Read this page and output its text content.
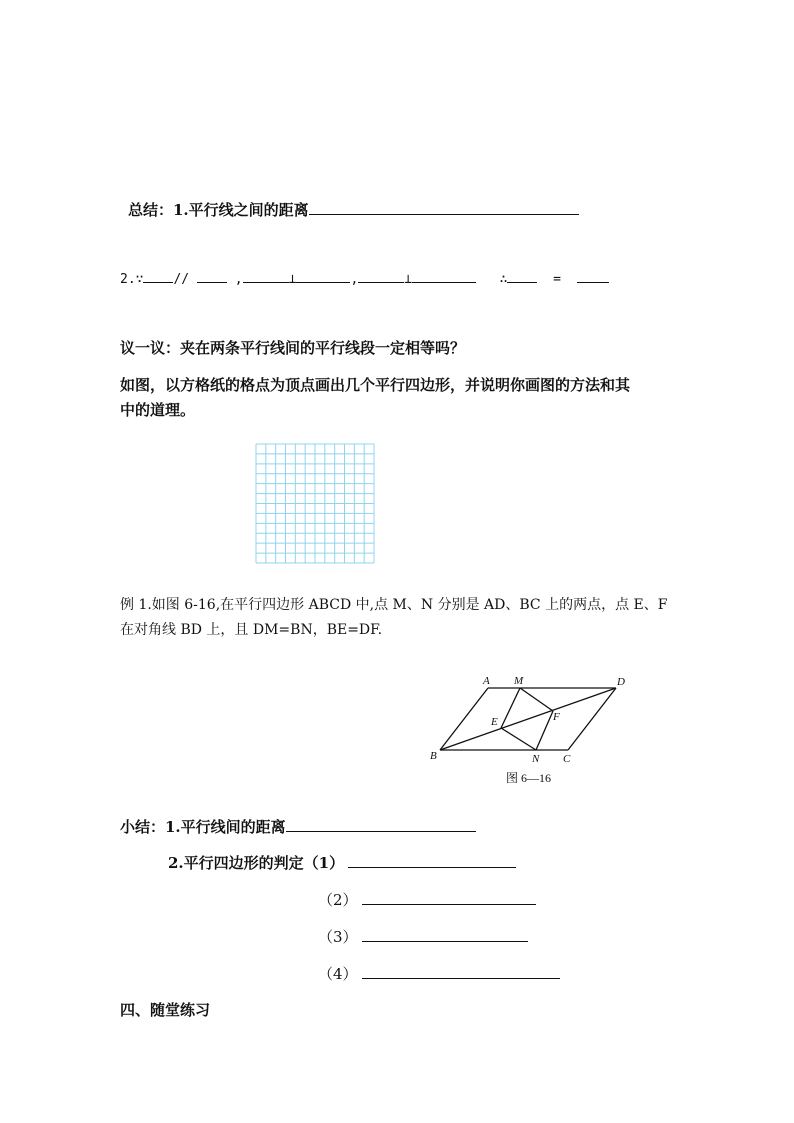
总结：1.平行线之间的距离
2.∵ //	,	⊥	,	⊥	∴	=
议一议：夹在两条平行线间的平行线段一定相等吗？
如图，以方格纸的格点为顶点画出几个平行四边形，并说明你画图的方法和其
中的道理。
例 1.如图 6-16,在平行四边形 ABCD 中,点 M、N 分别是 AD、BC 上的两点，点 E、F
在对角线 BD 上，且 DM=BN，BE=DF.
A M	D
E	F
B	N C
图 6—16
小结：1.平行线间的距离
2.平行四边形的判定（1）
（2）
（3）
（4）
四、随堂练习
